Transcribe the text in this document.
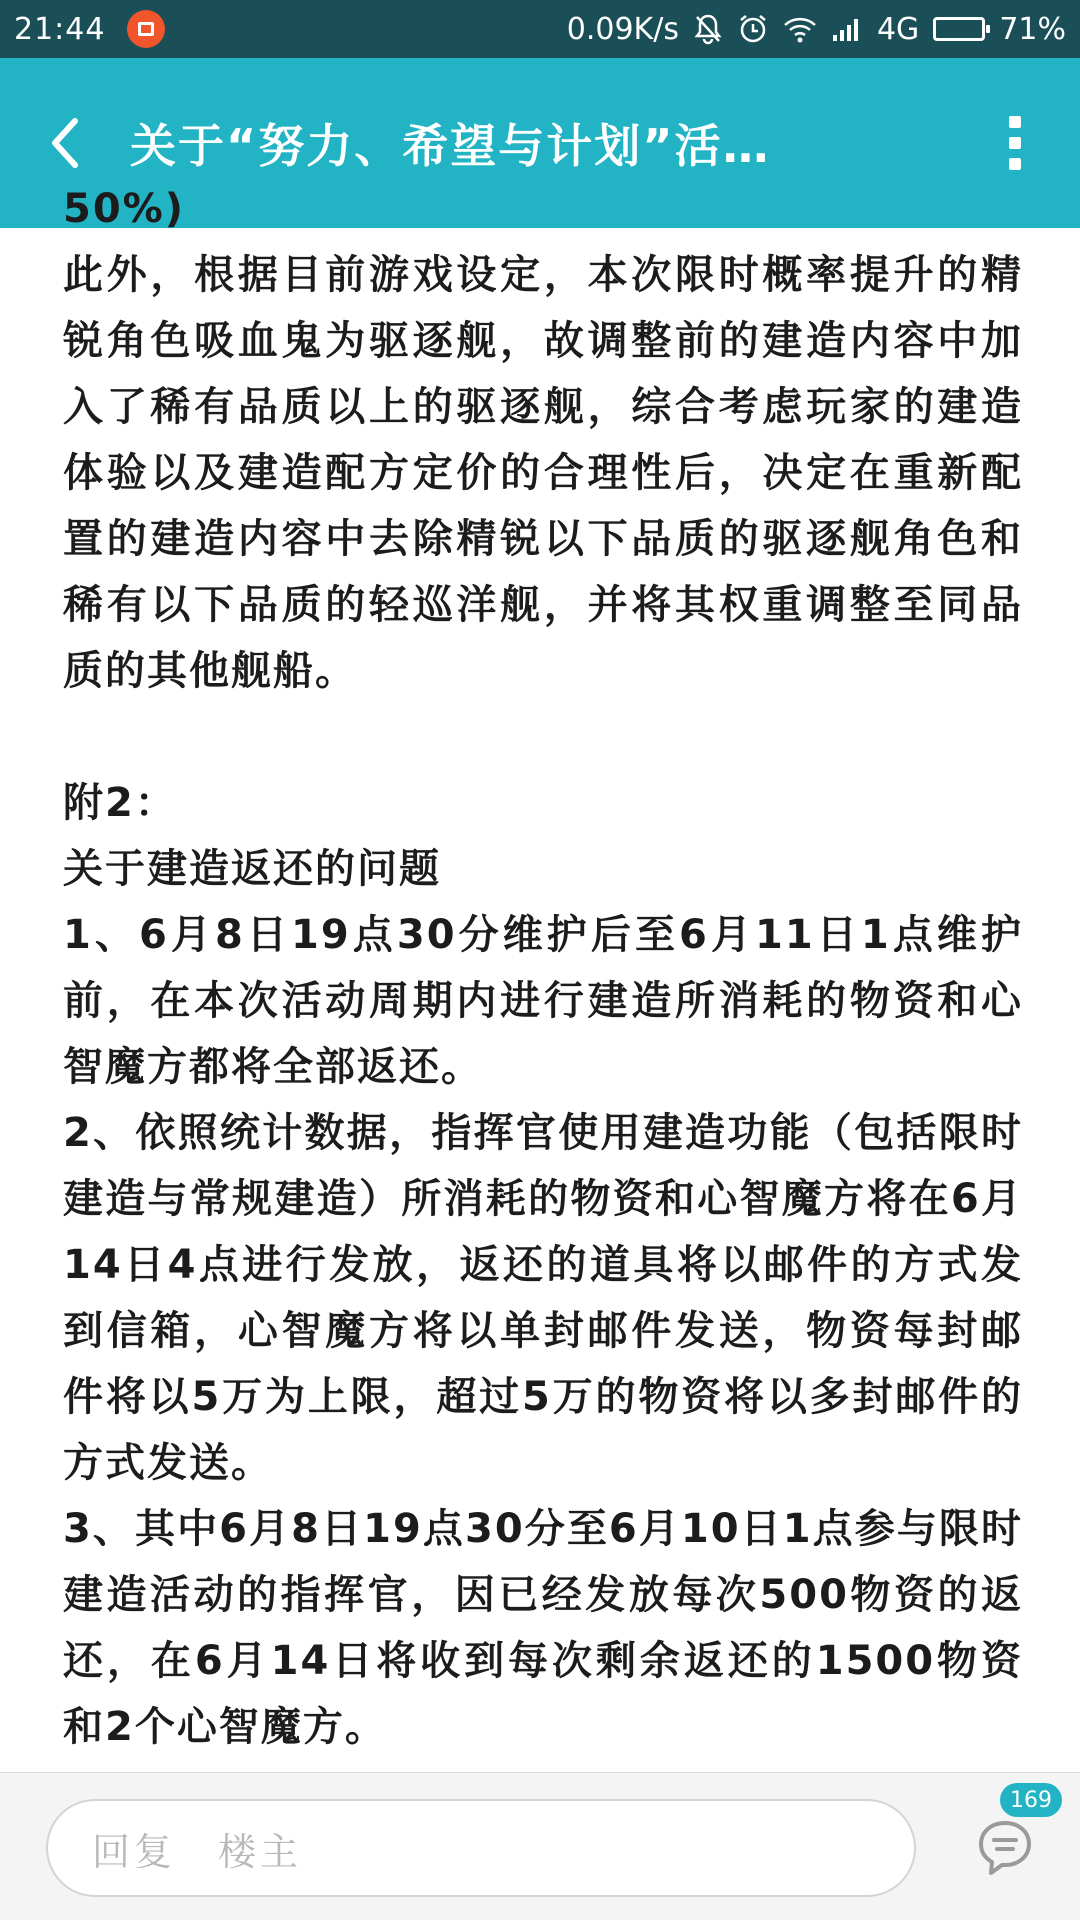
21:44	0.09K/s	4G	71%
关于“努力、希望与计划”活…
50%)
此外，根据目前游戏设定，本次限时概率提升的精锐角色吸血鬼为驱逐舰，故调整前的建造内容中加入了稀有品质以上的驱逐舰，综合考虑玩家的建造体验以及建造配方定价的合理性后，决定在重新配置的建造内容中去除精锐以下品质的驱逐舰角色和稀有以下品质的轻巡洋舰，并将其权重调整至同品质的其他舰船。
附2：
关于建造返还的问题
1、6月8日19点30分维护后至6月11日1点维护前，在本次活动周期内进行建造所消耗的物资和心智魔方都将全部返还。
2、依照统计数据，指挥官使用建造功能（包括限时建造与常规建造）所消耗的物资和心智魔方将在6月14日4点进行发放，返还的道具将以邮件的方式发到信箱，心智魔方将以单封邮件发送，物资每封邮件将以5万为上限，超过5万的物资将以多封邮件的方式发送。
3、其中6月8日19点30分至6月10日1点参与限时建造活动的指挥官，因已经发放每次500物资的返还，在6月14日将收到每次剩余返还的1500物资和2个心智魔方。
回复　楼主
169
